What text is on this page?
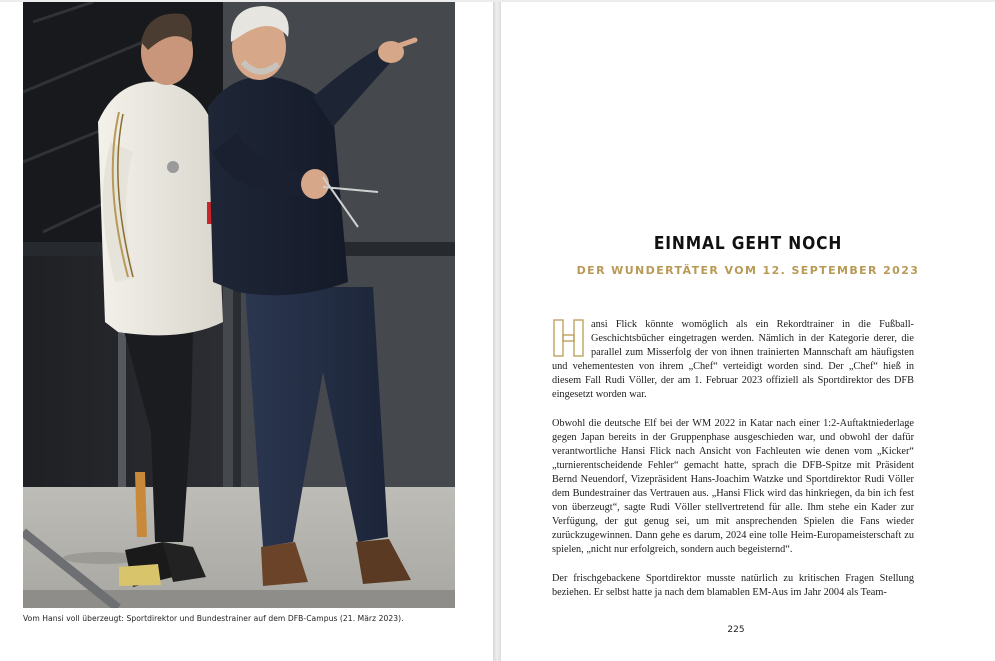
Vom Hansi voll überzeugt: Sportdirektor und Bundestrainer auf dem DFB-Campus (21. März 2023).
EINMAL GEHT NOCH
DER WUNDERTÄTER VOM 12. SEPTEMBER 2023

ansi Flick könnte womöglich als ein Rekordtrainer in die Fußball-Geschichtsbücher eingetragen werden. Nämlich in der Kategorie derer, die parallel zum Misserfolg der von ihnen trainierten Mannschaft am häufigsten und vehementesten von ihrem „Chef“ verteidigt worden sind. Der „Chef“ hieß in diesem Fall Rudi Völler, der am 1. Februar 2023 offiziell als Sportdirektor des DFB eingesetzt worden war.

Obwohl die deutsche Elf bei der WM 2022 in Katar nach einer 1:2-Auftaktniederlage gegen Japan bereits in der Gruppenphase ausgeschieden war, und obwohl der dafür verantwortliche Hansi Flick nach Ansicht von Fachleuten wie denen vom „Kicker“ „turnierentscheidende Fehler“ gemacht hatte, sprach die DFB-Spitze mit Präsident Bernd Neuendorf, Vizepräsident Hans-Joachim Watzke und Sportdirektor Rudi Völler dem Bundestrainer das Vertrauen aus. „Hansi Flick wird das hinkriegen, da bin ich fest von überzeugt“, sagte Rudi Völler stellvertretend für alle. Ihm stehe ein Kader zur Verfügung, der gut genug sei, um mit ansprechenden Spielen die Fans wieder zurückzugewinnen. Dann gehe es darum, 2024 eine tolle Heim-Europameisterschaft zu spielen, „nicht nur erfolgreich, sondern auch begeisternd“.

Der frischgebackene Sportdirektor musste natürlich zu kritischen Fragen Stellung beziehen. Er selbst hatte ja nach dem blamablen EM-Aus im Jahr 2004 als Team-

225
